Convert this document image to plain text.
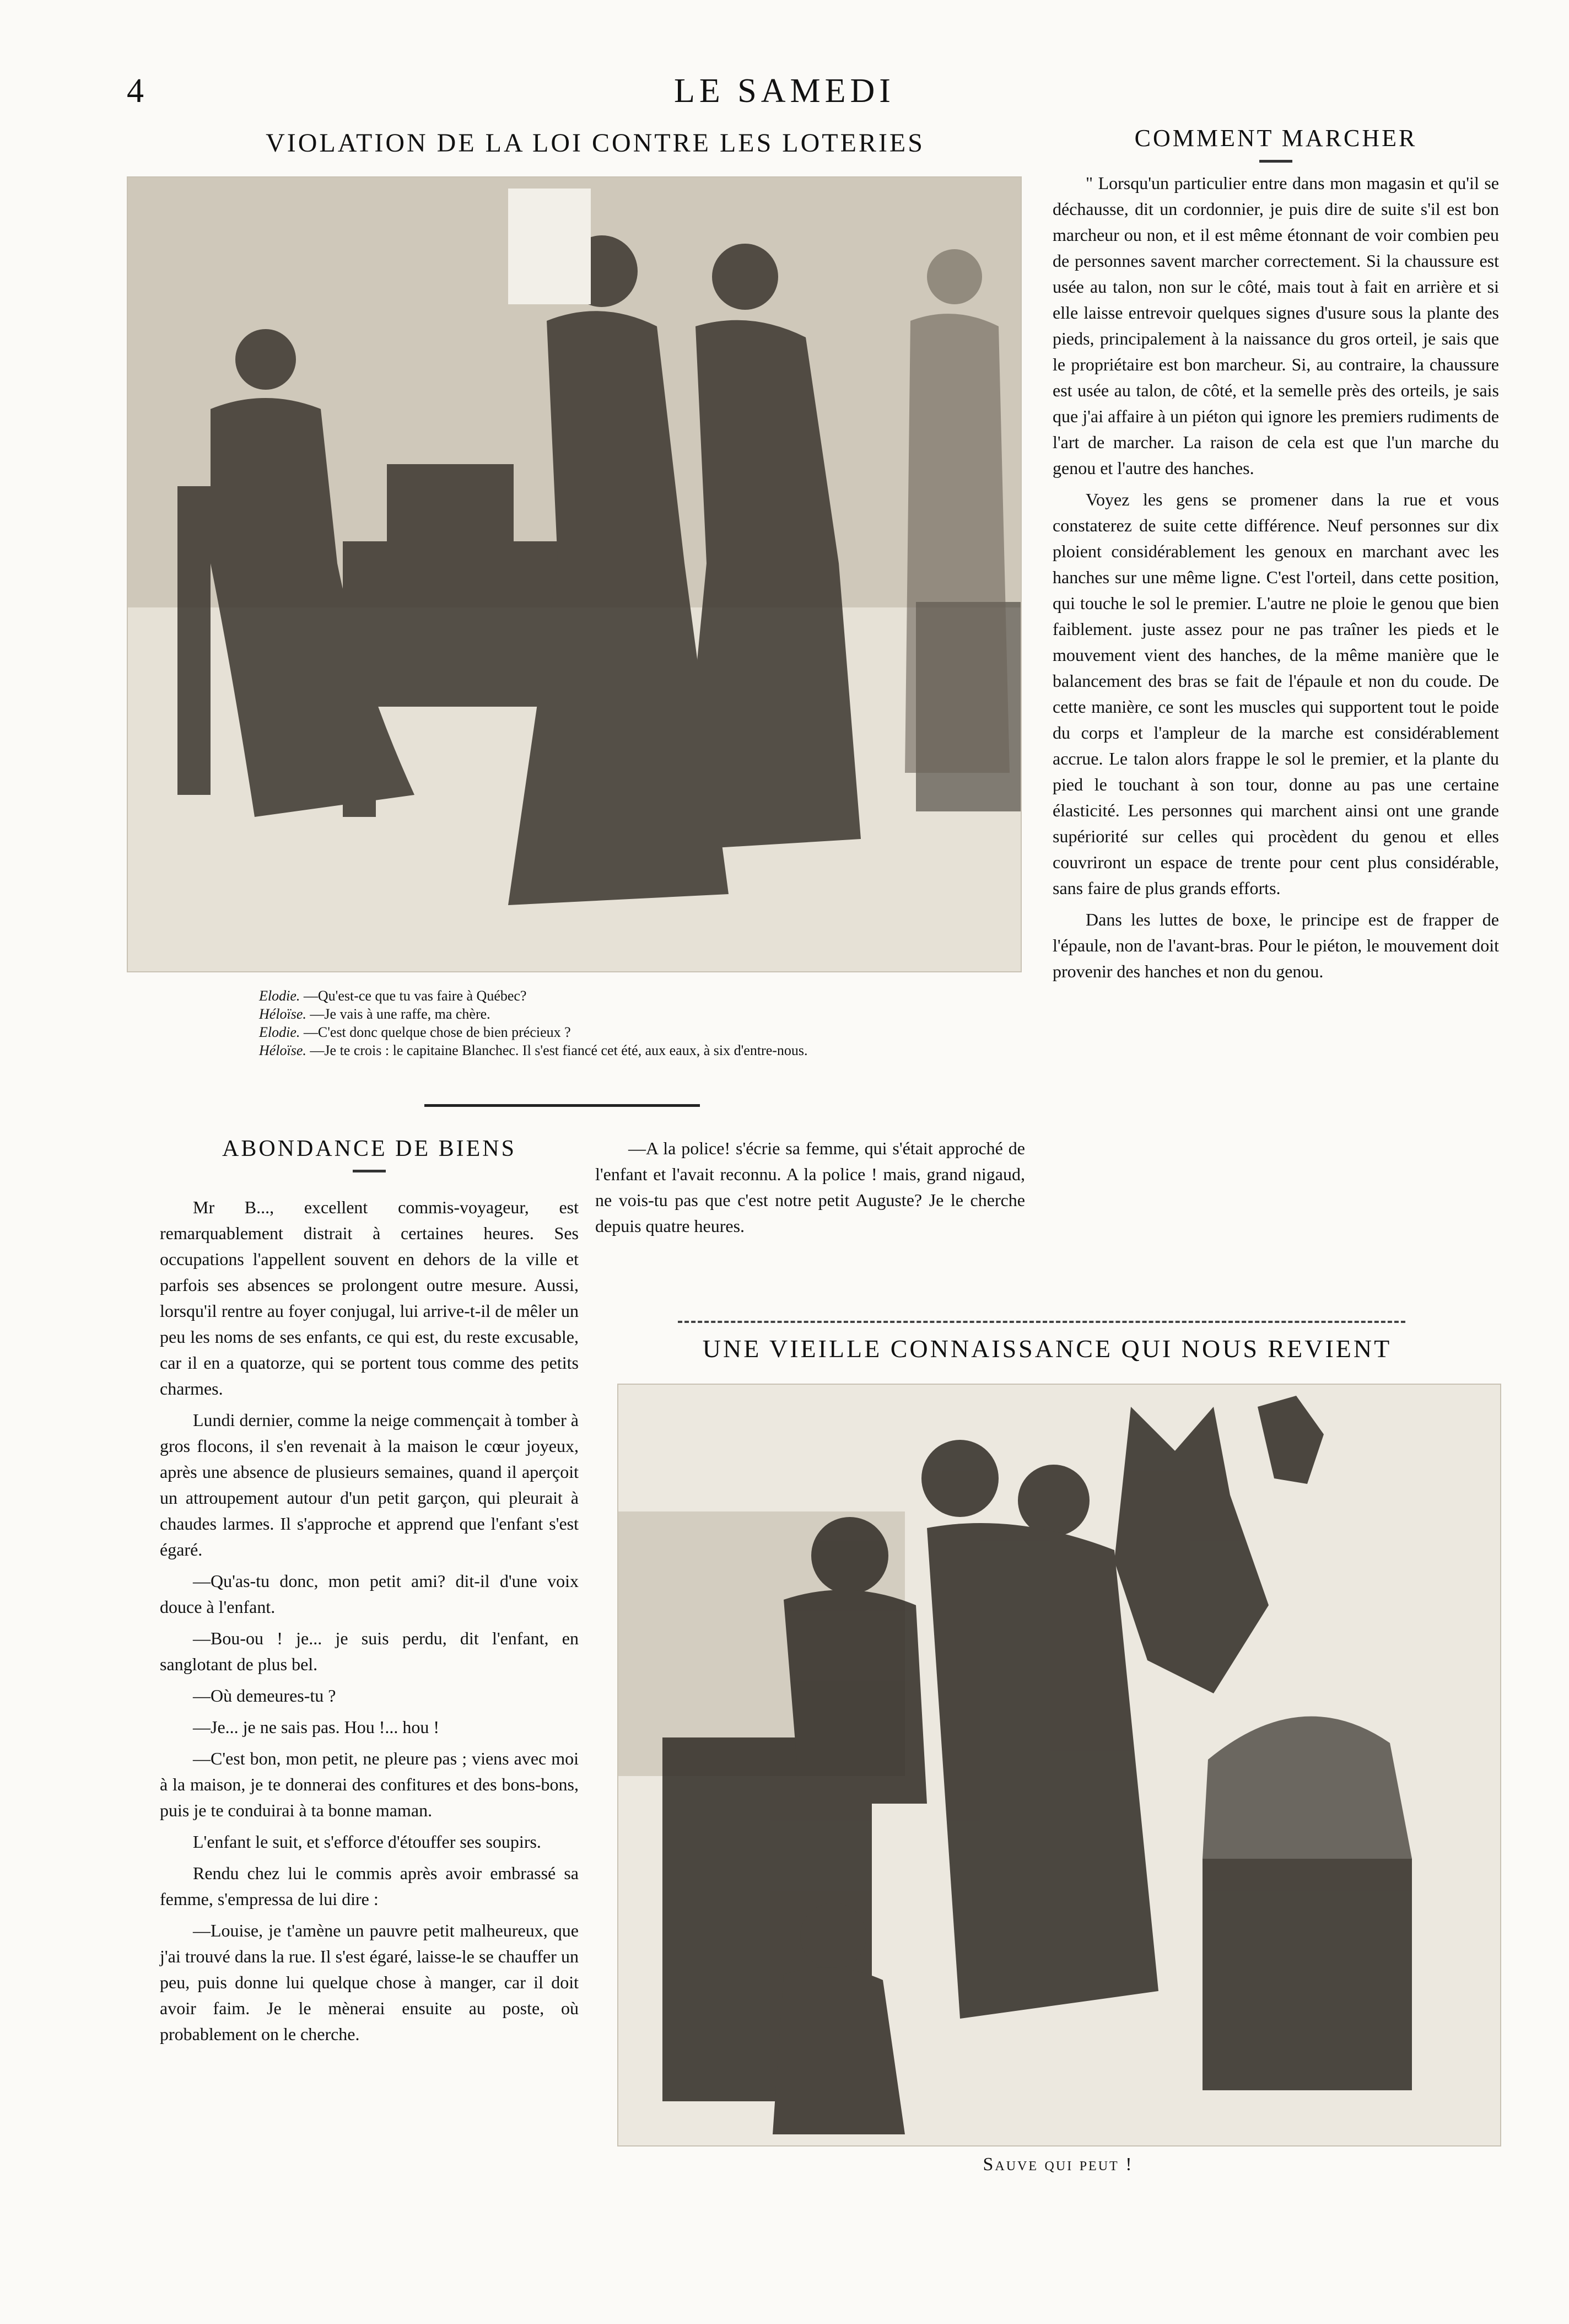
4	LE SAMEDI
VIOLATION DE LA LOI CONTRE LES LOTERIES
Elodie. —Qu'est-ce que tu vas faire à Québec?
Héloïse. —Je vais à une raffe, ma chère.
Elodie. —C'est donc quelque chose de bien précieux ?
Héloïse. —Je te crois : le capitaine Blanchec. Il s'est fiancé cet été, aux eaux, à six d'entre-nous.
COMMENT MARCHER

" Lorsqu'un particulier entre dans mon magasin et qu'il se déchausse, dit un cordonnier, je puis dire de suite s'il est bon marcheur ou non, et il est même étonnant de voir combien peu de personnes savent marcher correctement. Si la chaussure est usée au talon, non sur le côté, mais tout à fait en arrière et si elle laisse entrevoir quelques signes d'usure sous la plante des pieds, principalement à la naissance du gros orteil, je sais que le propriétaire est bon marcheur. Si, au contraire, la chaussure est usée au talon, de côté, et la semelle près des orteils, je sais que j'ai affaire à un piéton qui ignore les premiers rudiments de l'art de marcher. La raison de cela est que l'un marche du genou et l'autre des hanches.

Voyez les gens se promener dans la rue et vous constaterez de suite cette différence. Neuf personnes sur dix ploient considérablement les genoux en marchant avec les hanches sur une même ligne. C'est l'orteil, dans cette position, qui touche le sol le premier. L'autre ne ploie le genou que bien faiblement. juste assez pour ne pas traîner les pieds et le mouvement vient des hanches, de la même manière que le balancement des bras se fait de l'épaule et non du coude. De cette manière, ce sont les muscles qui supportent tout le poide du corps et l'ampleur de la marche est considérablement accrue. Le talon alors frappe le sol le premier, et la plante du pied le touchant à son tour, donne au pas une certaine élasticité. Les personnes qui marchent ainsi ont une grande supériorité sur celles qui procèdent du genou et elles couvriront un espace de trente pour cent plus considérable, sans faire de plus grands efforts.

Dans les luttes de boxe, le principe est de frapper de l'épaule, non de l'avant-bras. Pour le piéton, le mouvement doit provenir des hanches et non du genou.

ABONDANCE DE BIENS

Mr B..., excellent commis-voyageur, est remarquablement distrait à certaines heures. Ses occupations l'appellent souvent en dehors de la ville et parfois ses absences se prolongent outre mesure. Aussi, lorsqu'il rentre au foyer conjugal, lui arrive-t-il de mêler un peu les noms de ses enfants, ce qui est, du reste excusable, car il en a quatorze, qui se portent tous comme des petits charmes.

Lundi dernier, comme la neige commençait à tomber à gros flocons, il s'en revenait à la maison le cœur joyeux, après une absence de plusieurs semaines, quand il aperçoit un attroupement autour d'un petit garçon, qui pleurait à chaudes larmes. Il s'approche et apprend que l'enfant s'est égaré.

—Qu'as-tu donc, mon petit ami? dit-il d'une voix douce à l'enfant.

—Bou-ou ! je... je suis perdu, dit l'enfant, en sanglotant de plus bel.

—Où demeures-tu ?

—Je... je ne sais pas. Hou !... hou !

—C'est bon, mon petit, ne pleure pas ; viens avec moi à la maison, je te donnerai des confitures et des bons-bons, puis je te conduirai à ta bonne maman.

L'enfant le suit, et s'efforce d'étouffer ses soupirs.

Rendu chez lui le commis après avoir embrassé sa femme, s'empressa de lui dire :

—Louise, je t'amène un pauvre petit malheureux, que j'ai trouvé dans la rue. Il s'est égaré, laisse-le se chauffer un peu, puis donne lui quelque chose à manger, car il doit avoir faim. Je le mènerai ensuite au poste, où probablement on le cherche.

—A la police! s'écrie sa femme, qui s'était approché de l'enfant et l'avait reconnu. A la police ! mais, grand nigaud, ne vois-tu pas que c'est notre petit Auguste? Je le cherche depuis quatre heures.

UNE VIEILLE CONNAISSANCE QUI NOUS REVIENT
Sauve qui peut !
